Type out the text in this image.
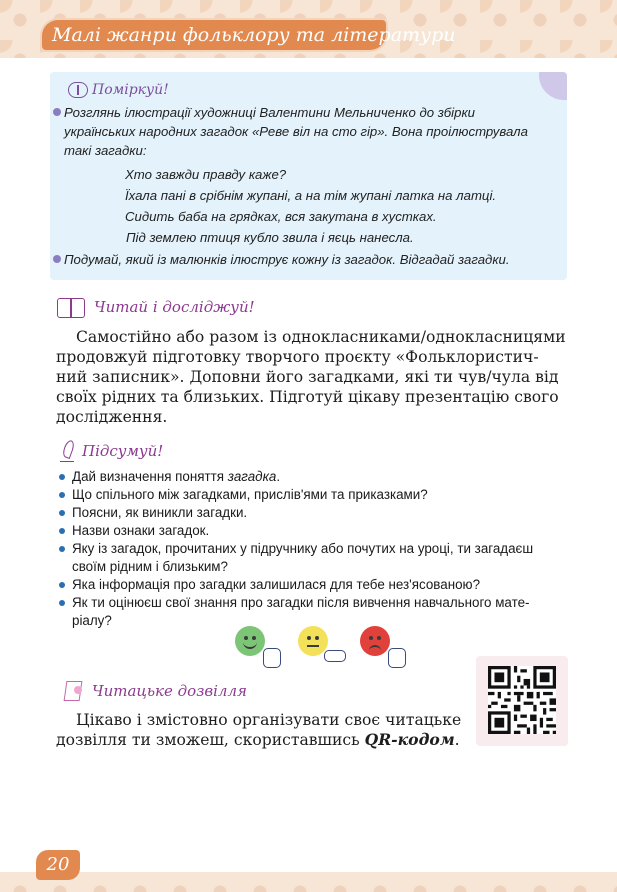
Малі жанри фольклору та літератури
Поміркуй!
Розглянь ілюстрації художниці Валентини Мельниченко до збірки
українських народних загадок «Реве віл на сто гір». Вона проілюструвала
такі загадки:
Хто завжди правду каже?
Їхала пані в срібнім жупані, а на тім жупані латка на латці.
Сидить баба на грядках, вся закутана в хустках.
Під землею птиця кубло звила і яєць нанесла.
Подумай, який із малюнків ілюструє кожну із загадок. Відгадай загадки.
Читай і досліджуй!
Самостійно або разом із однокласниками/однокласницями
продовжуй підготовку творчого проєкту «Фольклористич-
ний записник». Доповни його загадками, які ти чув/чула від
своїх рідних та близьких. Підготуй цікаву презентацію свого
дослідження.
Підсумуй!
Дай визначення поняття загадка.
Що спільного між загадками, прислів'ями та приказками?
Поясни, як виникли загадки.
Назви ознаки загадок.
Яку із загадок, прочитаних у підручнику або почутих на уроці, ти загадаєш
своїм рідним і близьким?
Яка інформація про загадки залишилася для тебе нез'ясованою?
Як ти оцінюєш свої знання про загадки після вивчення навчального мате-
ріалу?
Читацьке дозвілля
Цікаво і змістовно організувати своє читацьке
дозвілля ти зможеш, скориставшись QR-кодом.
20
